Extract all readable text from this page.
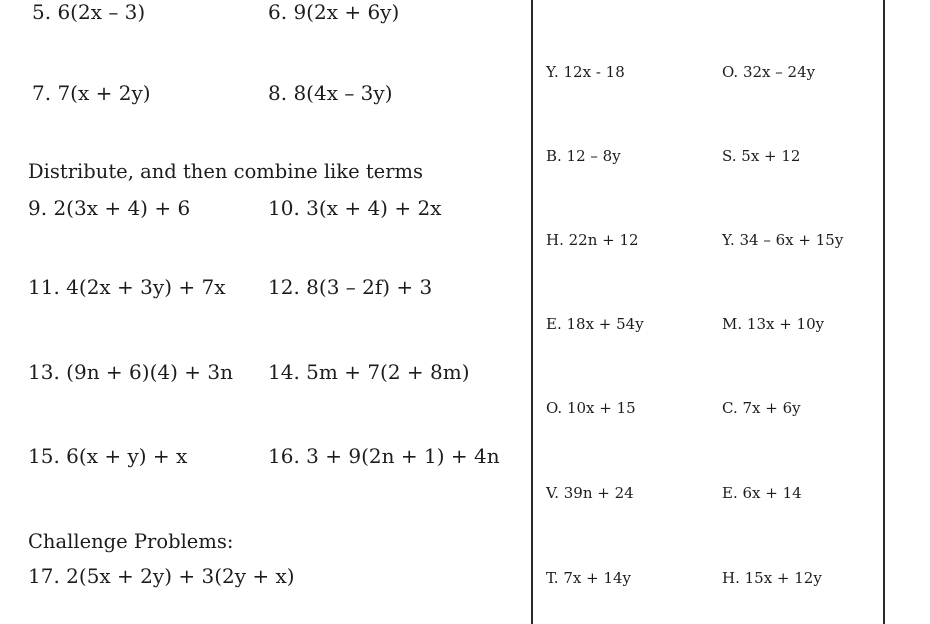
5. 6(2x – 3)	6. 9(2x + 6y)
7. 7(x + 2y)	8. 8(4x – 3y)
Distribute, and then combine like terms
9. 2(3x + 4) + 6	10. 3(x + 4) + 2x
11. 4(2x + 3y) + 7x 12. 8(3 – 2f) + 3
13. (9n + 6)(4) + 3n 14. 5m + 7(2 + 8m)
15. 6(x + y) + x	16. 3 + 9(2n + 1) + 4n
Challenge Problems:
17. 2(5x + 2y) + 3(2y + x)
Y. 12x - 18	O. 32x – 24y
B. 12 – 8y	S. 5x + 12
H. 22n + 12	Y. 34 – 6x + 15y
E. 18x + 54y	M. 13x + 10y
O. 10x + 15	C. 7x + 6y
V. 39n + 24	E. 6x + 14
T. 7x + 14y	H. 15x + 12y
